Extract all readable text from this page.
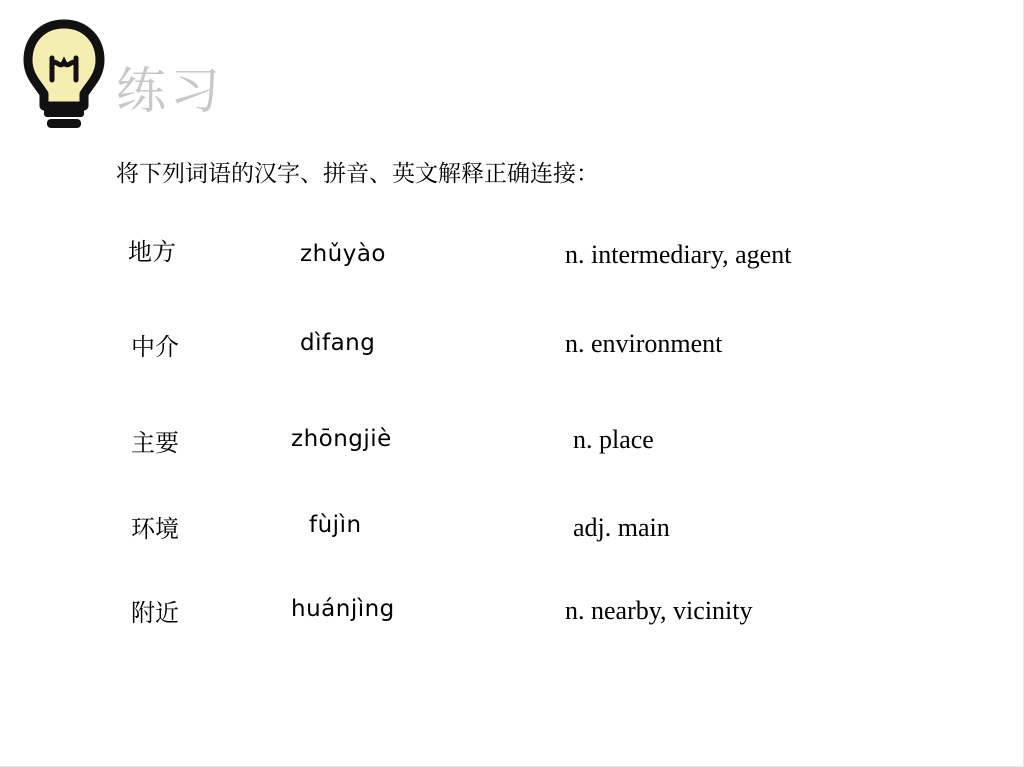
练习
将下列词语的汉字、拼音、英文解释正确连接：
地方
中介
主要
环境
附近
zhǔyào
dìfang
zhōngjiè
fùjìn
huánjìng
n. intermediary, agent
n. environment
n. place
adj. main
n. nearby, vicinity
